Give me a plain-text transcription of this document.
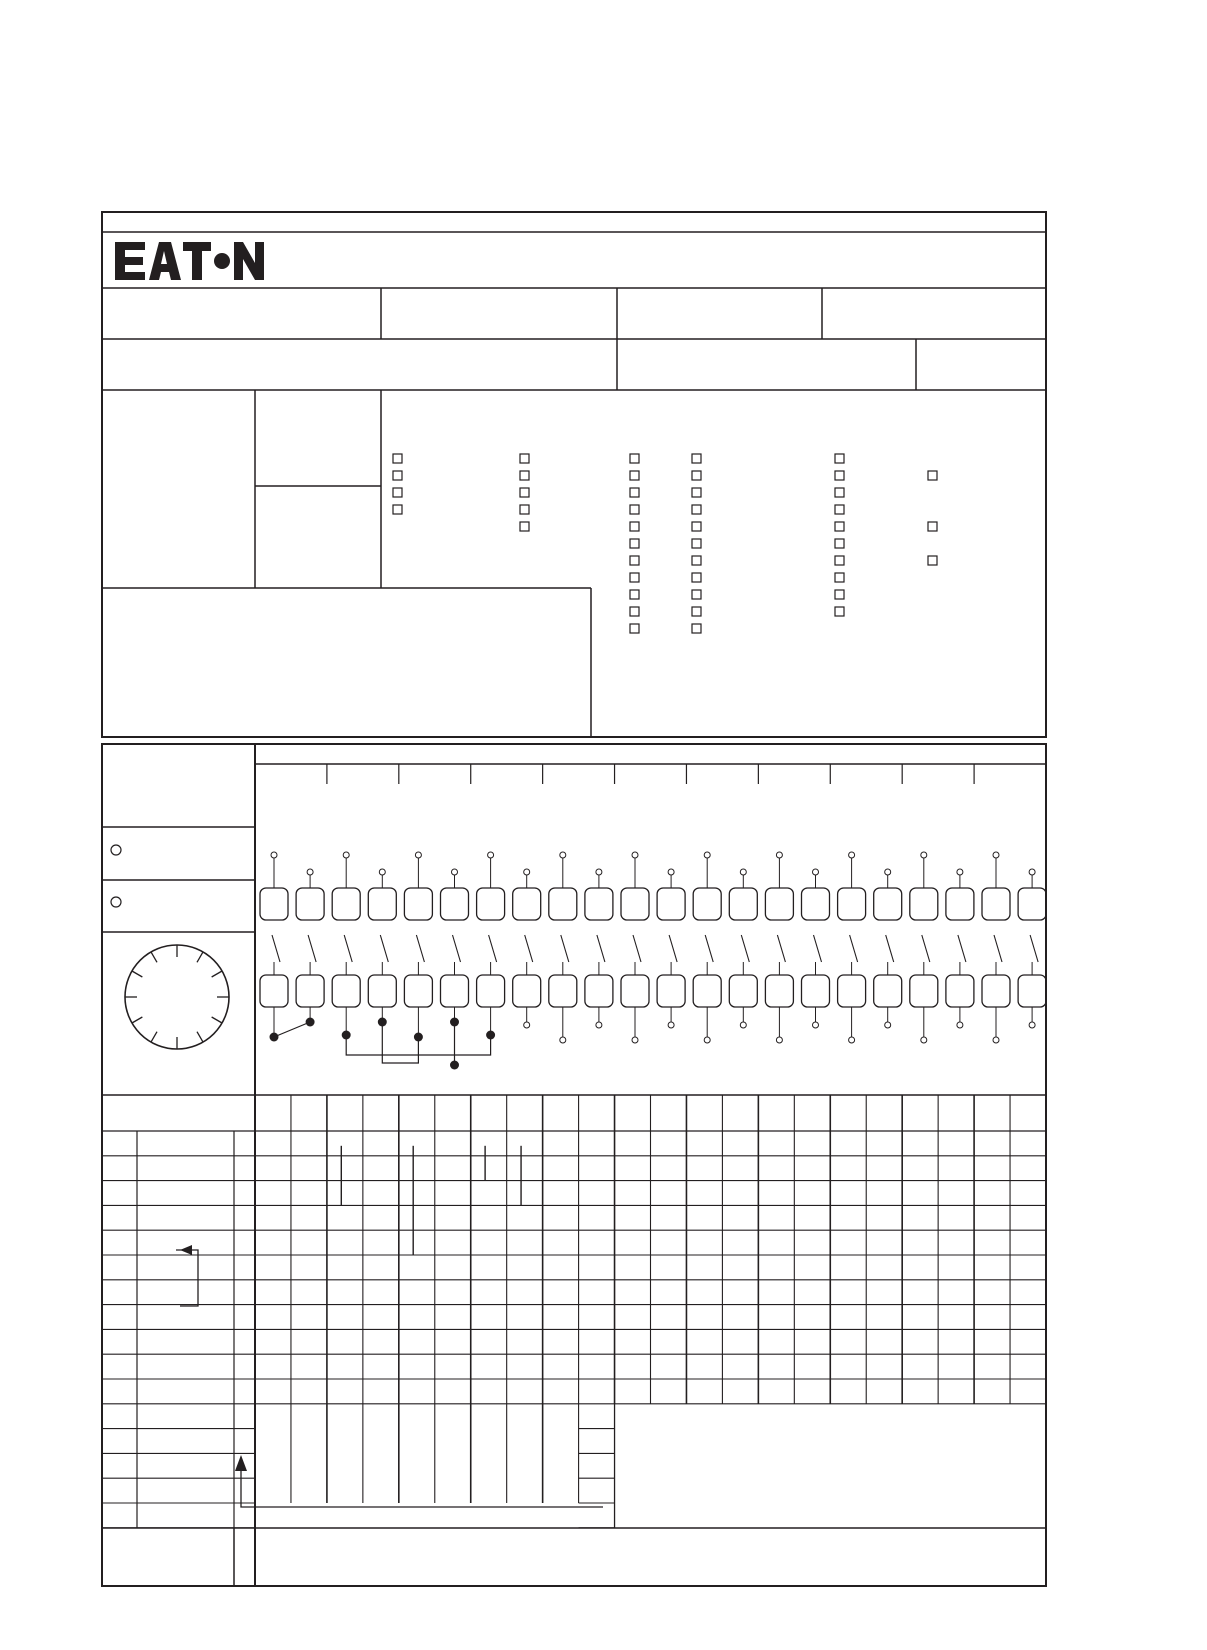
EATON
